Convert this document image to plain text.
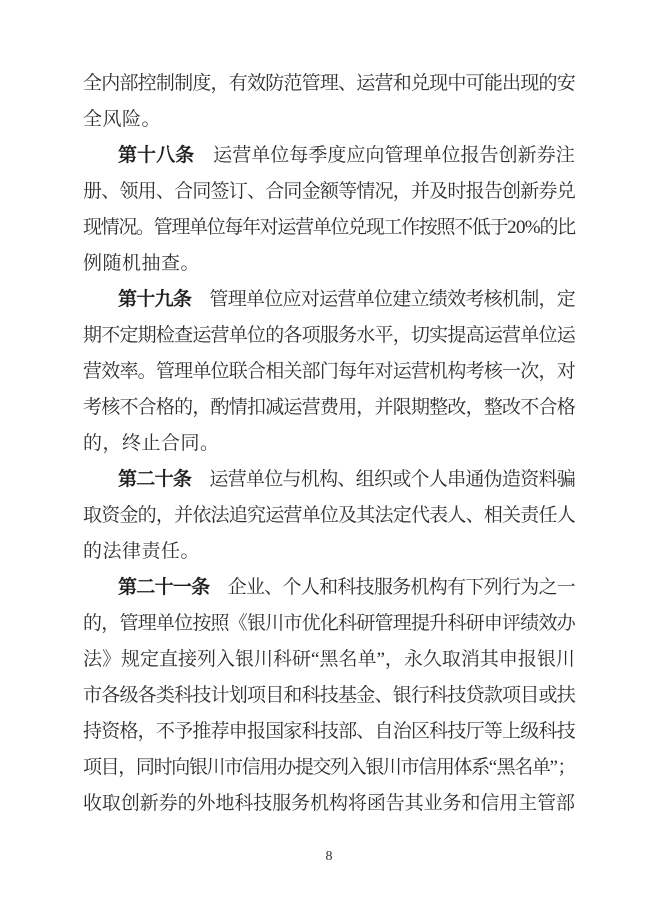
全 内 部 控 制 制 度 ， 有 效 防 范 管 理 、 运 营 和 兑 现 中 可 能 出 现 的 安
全风险。
第 十 八 条
　 运 营 单 位 每 季 度 应 向 管 理 单 位 报 告 创 新 券 注
册 、 领 用 、 合 同 签 订 、 合 同 金 额 等 情 况 ， 并 及 时 报 告 创 新 券 兑
现
情
况
。
管
理
单
位
每
年
对
运
营
单
位
兑
现
工
作
按
照
不
低
于
2 0 %
的
比
例随机抽查。
第 十 九 条
　 管 理 单 位 应 对 运 营 单 位 建 立 绩 效 考 核 机 制 ， 定
期 不 定 期 检 查 运 营 单 位 的 各 项 服 务 水 平 ， 切 实 提 高 运 营 单 位 运
营 效 率 。 管 理 单 位 联 合 相 关 部 门 每 年 对 运 营 机 构 考 核 一 次 ， 对
考 核 不 合 格 的 ， 酌 情 扣 减 运 营 费 用 ， 并 限 期 整 改 ， 整 改 不 合 格
的，终止合同。
第 二 十 条
　 运 营 单 位 与 机 构 、 组 织 或 个 人 串 通 伪 造 资 料 骗
取 资 金 的 ， 并 依 法 追 究 运 营 单 位 及 其 法 定 代 表 人 、 相 关 责 任 人
的法律责任。
第 二 十 一 条
　 企 业 、 个 人 和 科 技 服 务 机 构 有 下 列 行 为 之 一
的 ， 管 理 单 位 按 照 《 银 川 市 优 化 科 研 管 理 提 升 科 研 申 评 绩 效 办
法 》 规 定 直 接 列 入 银 川 科 研 “ 黑 名 单 ” ， 永 久 取 消 其 申 报 银 川
市 各 级 各 类 科 技 计 划 项 目 和 科 技 基 金 、 银 行 科 技 贷 款 项 目 或 扶
持 资 格 ， 不 予 推 荐 申 报 国 家 科 技 部 、 自 治 区 科 技 厅 等 上 级 科 技
项
目
，
同
时
向
银
川
市
信
用
办
提
交
列
入
银
川
市
信
用
体
系
“ 黑
名
单
” ；
收 取 创 新 券 的 外 地 科 技 服 务 机 构 将 函 告 其 业 务 和 信 用 主 管 部
8
